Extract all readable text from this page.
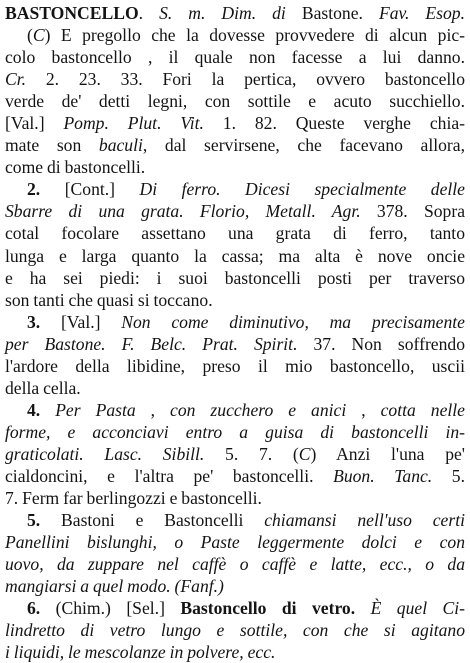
BASTONCELLO. S. m. Dim. di Bastone. Fav. Esop.
(C) E pregollo che la dovesse provvedere di alcun pic-
colo bastoncello , il quale non facesse a lui danno.
Cr. 2. 23. 33. Fori la pertica, ovvero bastoncello
verde de' detti legni, con sottile e acuto succhiello.
[Val.] Pomp. Plut. Vit. 1. 82. Queste verghe chia-
mate son baculi, dal servirsene, che facevano allora,
come di bastoncelli.
2. [Cont.] Di ferro. Dicesi specialmente delle
Sbarre di una grata. Florio, Metall. Agr. 378. Sopra
cotal focolare assettano una grata di ferro, tanto
lunga e larga quanto la cassa; ma alta è nove oncie
e ha sei piedi: i suoi bastoncelli posti per traverso
son tanti che quasi si toccano.
3. [Val.] Non come diminutivo, ma precisamente
per Bastone. F. Belc. Prat. Spirit. 37. Non soffrendo
l'ardore della libidine, preso il mio bastoncello, uscii
della cella.
4. Per Pasta , con zucchero e anici , cotta nelle
forme, e acconciavi entro a guisa di bastoncelli in-
graticolati. Lasc. Sibill. 5. 7. (C) Anzi l'una pe'
cialdoncini, e l'altra pe' bastoncelli. Buon. Tanc. 5.
7. Ferm far berlingozzi e bastoncelli.
5. Bastoni e Bastoncelli chiamansi nell'uso certi
Panellini bislunghi, o Paste leggermente dolci e con
uovo, da zuppare nel caffè o caffè e latte, ecc., o da
mangiarsi a quel modo. (Fanf.)
6. (Chim.) [Sel.] Bastoncello di vetro. È quel Ci-
lindretto di vetro lungo e sottile, con che si agitano
i liquidi, le mescolanze in polvere, ecc.
